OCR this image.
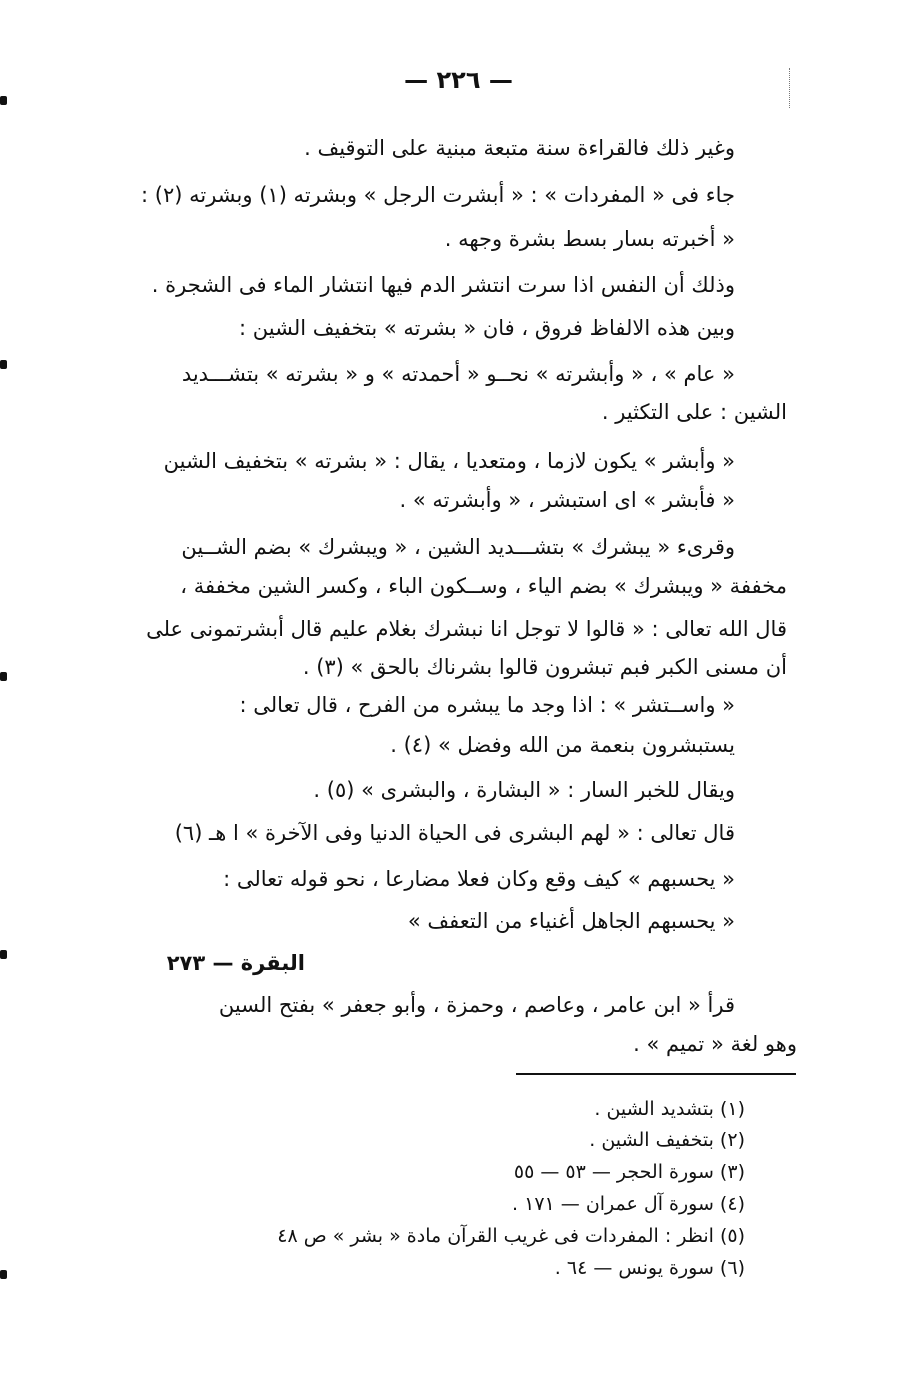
— ٢٢٦ —
وغير ذلك فالقراءة سنة متبعة مبنية على التوقيف .
جاء فى « المفردات » : « أبشرت الرجل » وبشرته (١) وبشرته (٢) :
« أخبرته بسار بسط بشرة وجهه .
وذلك أن النفس اذا سرت انتشر الدم فيها انتشار الماء فى الشجرة .
وبين هذه الالفاظ فروق ، فان « بشرته » بتخفيف الشين :
« عام » ، « وأبشرته » نحــو « أحمدته » و « بشرته » بتشـــديد
الشين : على التكثير .
« وأبشر » يكون لازما ، ومتعديا ، يقال : « بشرته » بتخفيف الشين
« فأبشر » اى استبشر ، « وأبشرته » .
وقرىء « يبشرك » بتشـــديد الشين ، « ويبشرك » بضم الشــين
مخففة « ويبشرك » بضم الياء ، وســكون الباء ، وكسر الشين مخففة ،
قال الله تعالى : « قالوا لا توجل انا نبشرك بغلام عليم قال أبشرتمونى على
أن مسنى الكبر فبم تبشرون قالوا بشرناك بالحق » (٣) .
« واســتشر » : اذا وجد ما يبشره من الفرح ، قال تعالى :
يستبشرون بنعمة من الله وفضل » (٤) .
ويقال للخبر السار : « البشارة ، والبشرى » (٥) .
قال تعالى : « لهم البشرى فى الحياة الدنيا وفى الآخرة » ا هـ (٦)
« يحسبهم » كيف وقع وكان فعلا مضارعا ، نحو قوله تعالى :
« يحسبهم الجاهل أغنياء من التعفف »
البقرة — ٢٧٣
قرأ « ابن عامر ، وعاصم ، وحمزة ، وأبو جعفر » بفتح السين
وهو لغة « تميم » .
(١) بتشديد الشين .
(٢) بتخفيف الشين .
(٣) سورة الحجر — ٥٣ — ٥٥
(٤) سورة آل عمران — ١٧١ .
(٥) انظر : المفردات فى غريب القرآن مادة « بشر » ص ٤٨
(٦) سورة يونس — ٦٤ .
